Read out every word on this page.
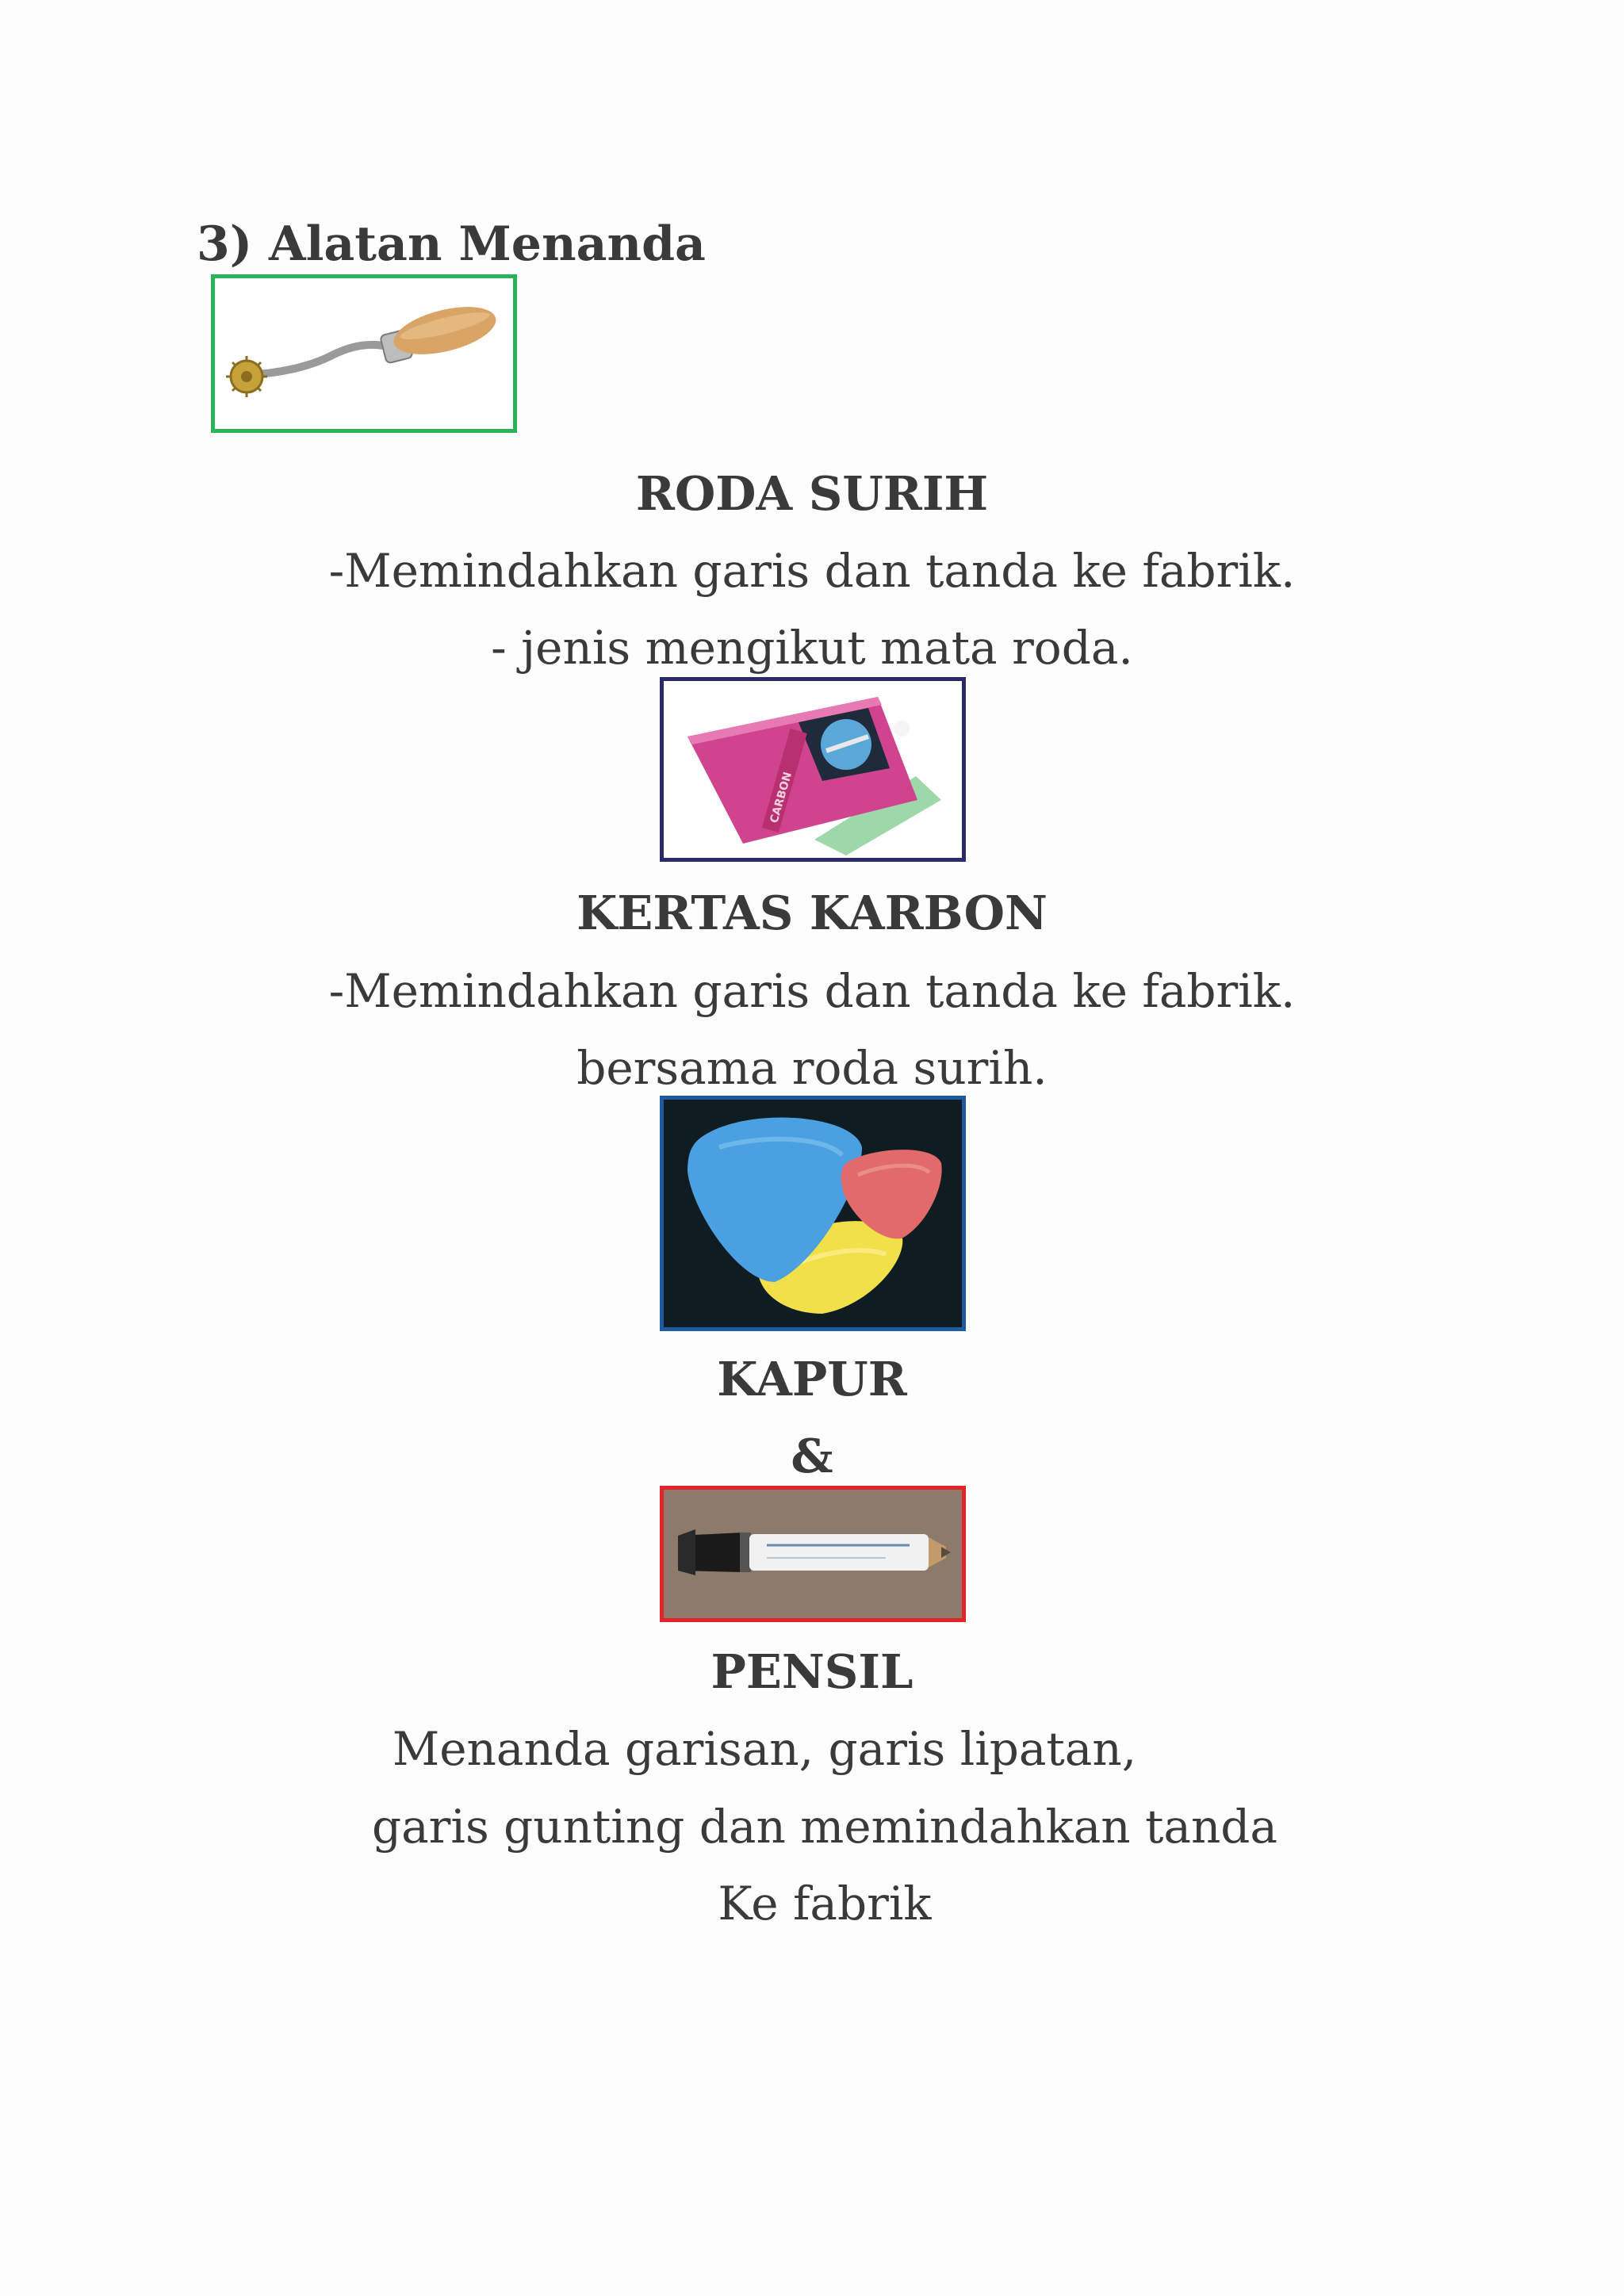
3) Alatan Menanda
RODA SURIH
-Memindahkan garis dan tanda ke fabrik.
- jenis mengikut mata roda.
CARBON
KERTAS KARBON
-Memindahkan garis dan tanda ke fabrik.
bersama roda surih.
KAPUR
&
PENSIL
Menanda garisan, garis lipatan,
garis gunting dan memindahkan tanda
Ke fabrik
